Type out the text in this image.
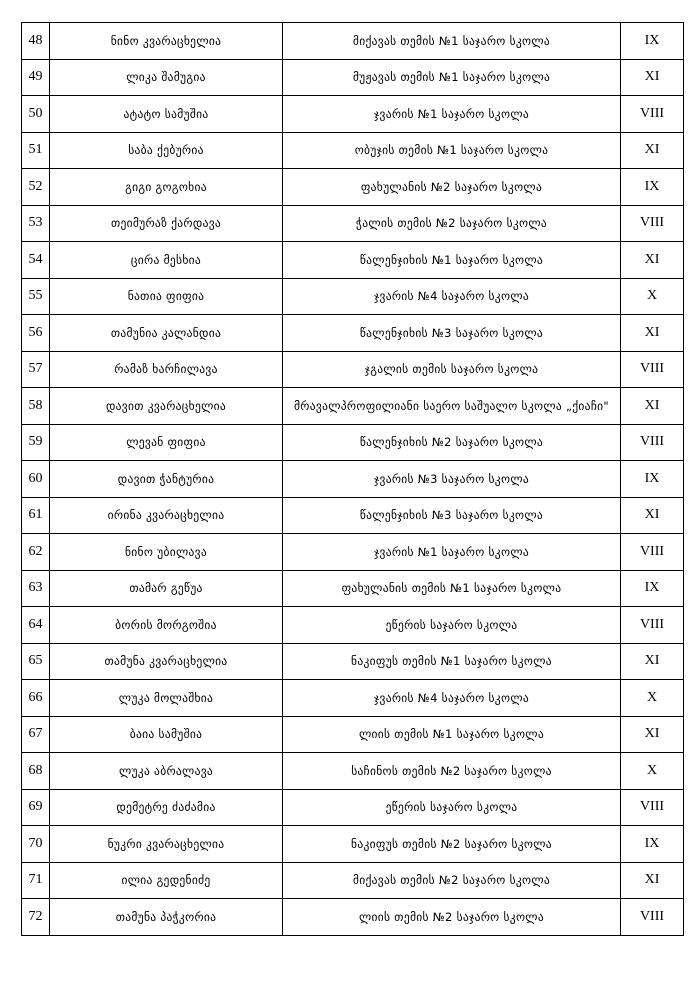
48	ნინო კვარაცხელია	მიქავას თემის №1 საჯარო სკოლა	IX
49	ლიკა შამუგია	მუჟავას თემის №1 საჯარო სკოლა	XI
50	ატატო სამუშია	ჯვარის №1 საჯარო სკოლა	VIII
51	საბა ქებურია	ობუჯის თემის №1 საჯარო სკოლა	XI
52	გიგი გოგოხია	ფახულანის №2 საჯარო სკოლა	IX
53	თეიმურაზ ქარდავა	ჭალის თემის №2 საჯარო სკოლა	VIII
54	ცირა მესხია	წალენჯიხის №1 საჯარო სკოლა	XI
55	ნათია ფიფია	ჯვარის №4 საჯარო სკოლა	X
56	თამუნია კალანდია	წალენჯიხის №3 საჯარო სკოლა	XI
57	რამაზ ხარჩილავა	ჯგალის თემის საჯარო სკოლა	VIII
58	დავით კვარაცხელია	მრავალპროფილიანი საერო საშუალო სკოლა „ქიაჩი"	XI
59	ლევან ფიფია	წალენჯიხის №2 საჯარო სკოლა	VIII
60	დავით ჭანტურია	ჯვარის №3 საჯარო სკოლა	IX
61	ირინა კვარაცხელია	წალენჯიხის №3 საჯარო სკოლა	XI
62	ნინო უბილავა	ჯვარის №1 საჯარო სკოლა	VIII
63	თამარ გეწუა	ფახულანის თემის №1 საჯარო სკოლა	IX
64	ბორის მორგოშია	ეწერის საჯარო სკოლა	VIII
65	თამუნა კვარაცხელია	ნაკიფუს თემის №1 საჯარო სკოლა	XI
66	ლუკა მოლაშხია	ჯვარის №4 საჯარო სკოლა	X
67	ბაია სამუშია	ლიის თემის №1 საჯარო სკოლა	XI
68	ლუკა აბრალავა	საჩინოს თემის №2 საჯარო სკოლა	X
69	დემეტრე ძაძამია	ეწერის საჯარო სკოლა	VIII
70	ნუკრი კვარაცხელია	ნაკიფუს თემის №2 საჯარო სკოლა	IX
71	ილია გედენიძე	მიქავას თემის №2 საჯარო სკოლა	XI
72	თამუნა პაჭკორია	ლიის თემის №2 საჯარო სკოლა	VIII
